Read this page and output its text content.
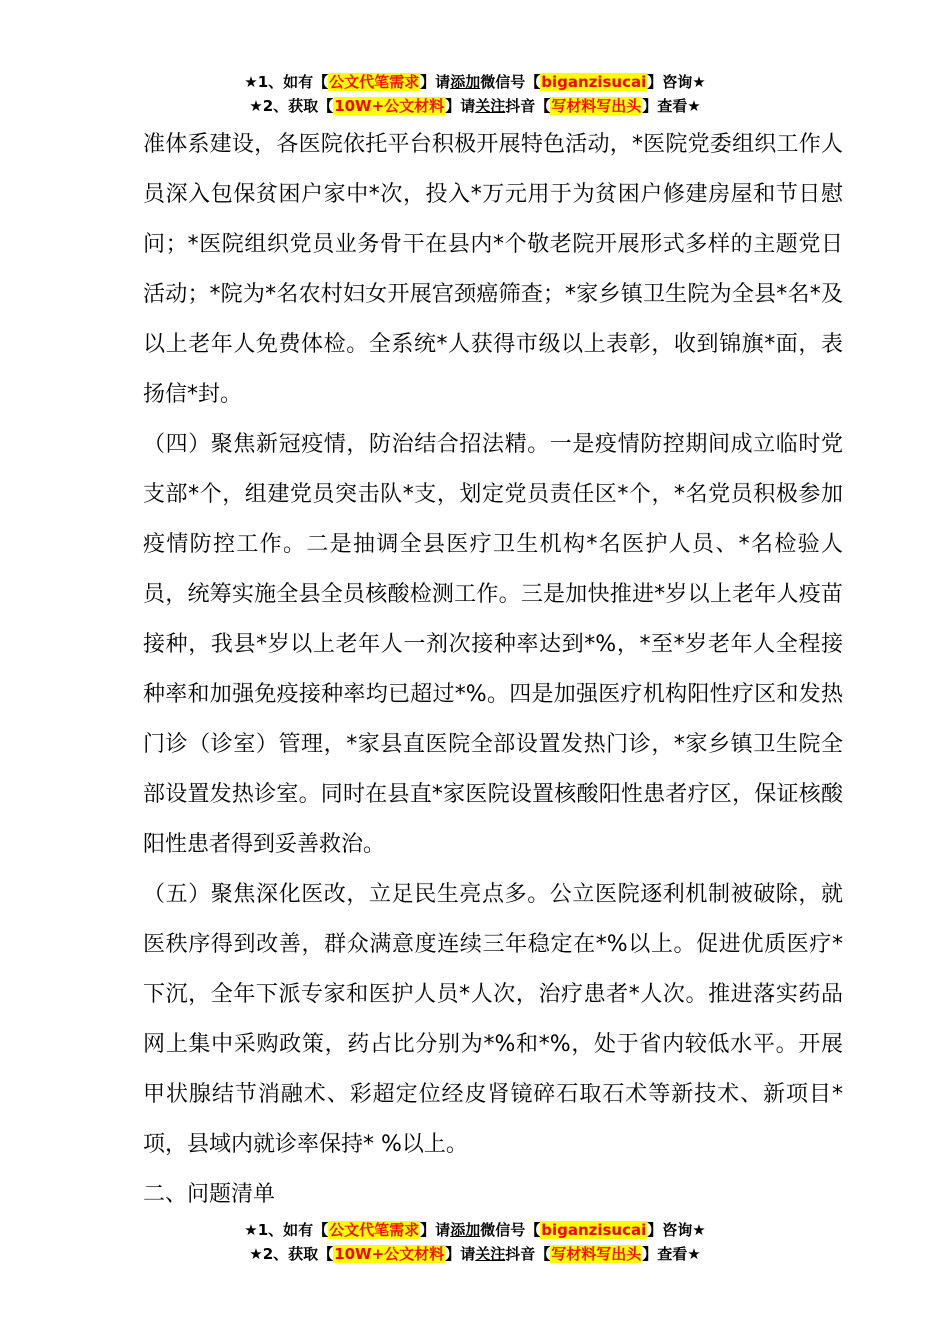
★1、如有【公文代笔需求】请添加微信号【biganzisucai】咨询★
★2、获取【10W+公文材料】请关注抖音【写材料写出头】查看★

准体系建设，各医院依托平台积极开展特色活动，*医院党委组织工作人员深入包保贫困户家中*次，投入*万元用于为贫困户修建房屋和节日慰问；*医院组织党员业务骨干在县内*个敬老院开展形式多样的主题党日活动；*院为*名农村妇女开展宫颈癌筛查；*家乡镇卫生院为全县*名*及以上老年人免费体检。全系统*人获得市级以上表彰，收到锦旗*面，表扬信*封。

（四）聚焦新冠疫情，防治结合招法精。一是疫情防控期间成立临时党支部*个，组建党员突击队*支，划定党员责任区*个，*名党员积极参加疫情防控工作。二是抽调全县医疗卫生机构*名医护人员、*名检验人员，统筹实施全县全员核酸检测工作。三是加快推进*岁以上老年人疫苗接种，我县*岁以上老年人一剂次接种率达到*%，*至*岁老年人全程接种率和加强免疫接种率均已超过*%。四是加强医疗机构阳性疗区和发热门诊（诊室）管理，*家县直医院全部设置发热门诊，*家乡镇卫生院全部设置发热诊室。同时在县直*家医院设置核酸阳性患者疗区，保证核酸阳性患者得到妥善救治。

（五）聚焦深化医改，立足民生亮点多。公立医院逐利机制被破除，就医秩序得到改善，群众满意度连续三年稳定在*%以上。促进优质医疗*下沉，全年下派专家和医护人员*人次，治疗患者*人次。推进落实药品网上集中采购政策，药占比分别为*%和*%，处于省内较低水平。开展甲状腺结节消融术、彩超定位经皮肾镜碎石取石术等新技术、新项目*项，县域内就诊率保持* %以上。

二、问题清单

★1、如有【公文代笔需求】请添加微信号【biganzisucai】咨询★
★2、获取【10W+公文材料】请关注抖音【写材料写出头】查看★
